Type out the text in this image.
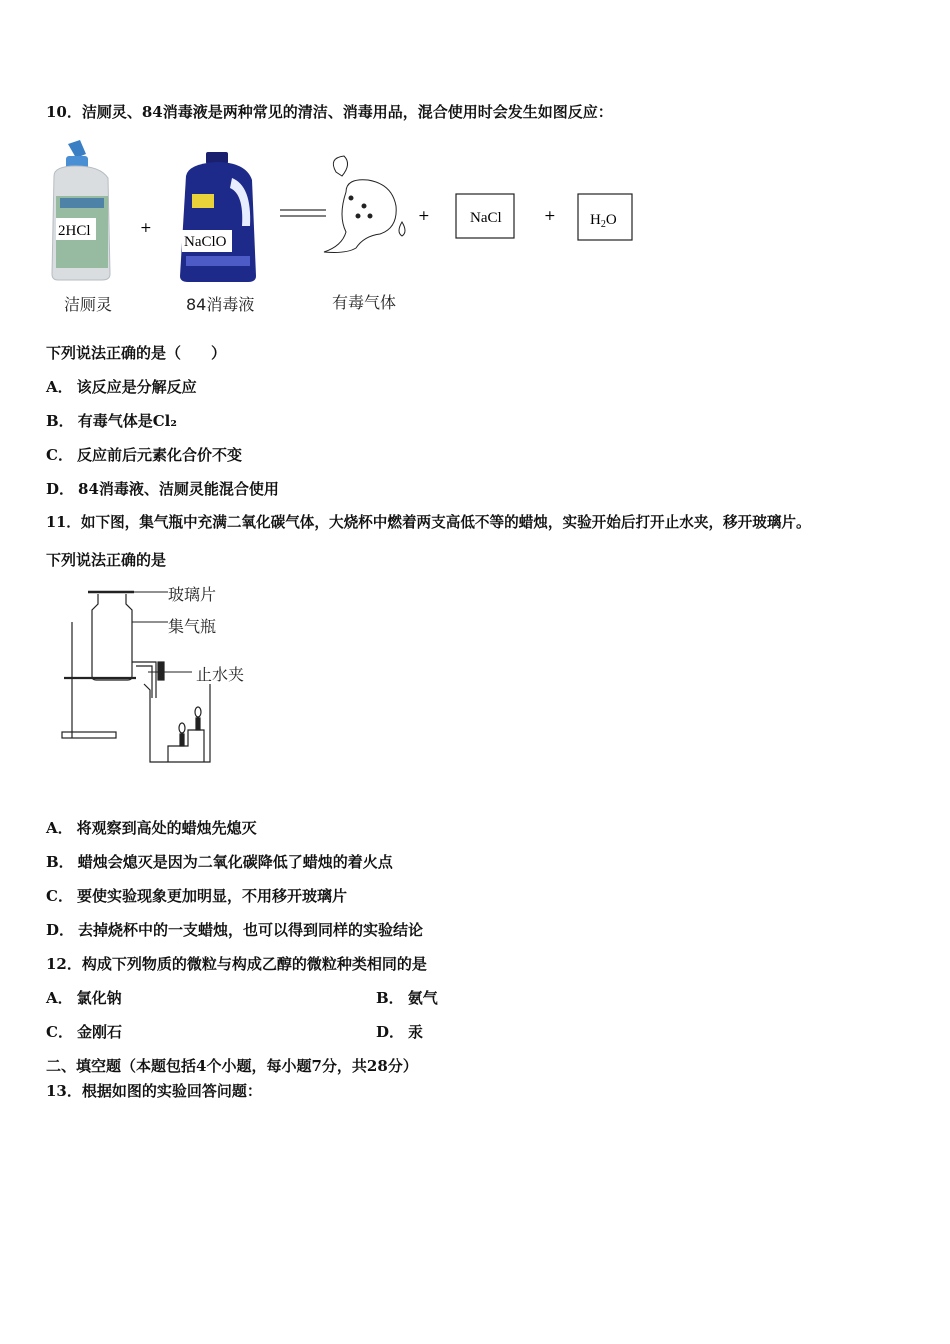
10．洁厕灵、84消毒液是两种常见的清洁、消毒用品，混合使用时会发生如图反应：
2HCl	+
NaClO
+	NaCl	+ $H_2O$
洁厕灵	84消毒液	有毒气体
下列说法正确的是（　　）
A． 该反应是分解反应
B． 有毒气体是Cl₂
C． 反应前后元素化合价不变
D． 84消毒液、洁厕灵能混合使用
11．如下图，集气瓶中充满二氧化碳气体，大烧杯中燃着两支高低不等的蜡烛，实验开始后打开止水夹，移开玻璃片。
下列说法正确的是
玻璃片
集气瓶
止水夹
A． 将观察到高处的蜡烛先熄灭
B． 蜡烛会熄灭是因为二氧化碳降低了蜡烛的着火点
C． 要使实验现象更加明显，不用移开玻璃片
D． 去掉烧杯中的一支蜡烛，也可以得到同样的实验结论
12．构成下列物质的微粒与构成乙醇的微粒种类相同的是
A． 氯化钠	B． 氨气
C． 金刚石	D． 汞
二、填空题（本题包括4个小题，每小题7分，共28分）
13．根据如图的实验回答问题：
